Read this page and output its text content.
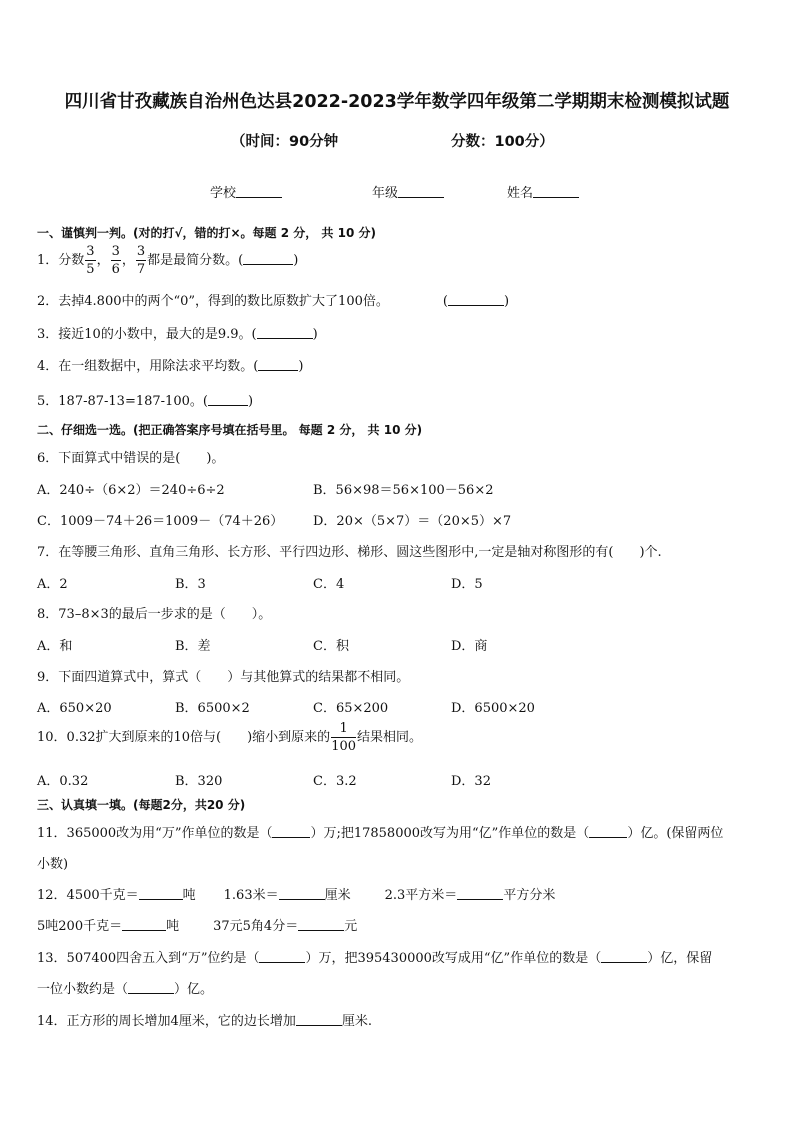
四川省甘孜藏族自治州色达县2022-2023学年数学四年级第二学期期末检测模拟试题
（时间：90分钟	分数：100分）
学校	年级	姓名
一、谨慎判一判。(对的打√，错的打×。每题 2 分， 共 10 分)
1．分数 $\frac{3}{5}$ ， $\frac{3}{6}$ ， $\frac{3}{7}$ 都是最简分数。(	)
2．去掉4.800中的两个“0”，得到的数比原数扩大了100倍。	(	)
3．接近10的小数中，最大的是9.9。(	)
4．在一组数据中，用除法求平均数。(	)
5．187-87-13=187-100。(	)
二、仔细选一选。(把正确答案序号填在括号里。 每题 2 分， 共 10 分)
6．下面算式中错误的是(　　)。
A．240÷（6×2）＝240÷6÷2	B．56×98＝56×100－56×2
C．1009－74＋26＝1009－（74＋26） D．20×（5×7）＝（20×5）×7
7．在等腰三角形、直角三角形、长方形、平行四边形、梯形、圆这些图形中,一定是轴对称图形的有(　　)个.
A．2	B．3	C．4	D．5
8．73–8×3的最后一步求的是（　　）。
A．和	B．差	C．积	D．商
9．下面四道算式中，算式（　　）与其他算式的结果都不相同。
A．650×20	B．6500×2	C．65×200	D．6500×20
10．0.32扩大到原来的10倍与(　　)缩小到原来的 $\frac{1}{100}$ 结果相同。
A．0.32	B．320	C．3.2	D．32
三、认真填一填。(每题2分，共20 分)
11．365000改为用“万”作单位的数是（	）万;把17858000改写为用“亿”作单位的数是（	）亿。(保留两位
小数)
12．4500千克＝	吨 1.63米＝	厘米	2.3平方米＝	平方分米
5吨200千克＝	吨	37元5角4分＝	元
13．507400四舍五入到“万”位约是（	）万，把395430000改写成用“亿”作单位的数是（	）亿，保留
一位小数约是（	）亿。
14．正方形的周长增加4厘米，它的边长增加	厘米.
